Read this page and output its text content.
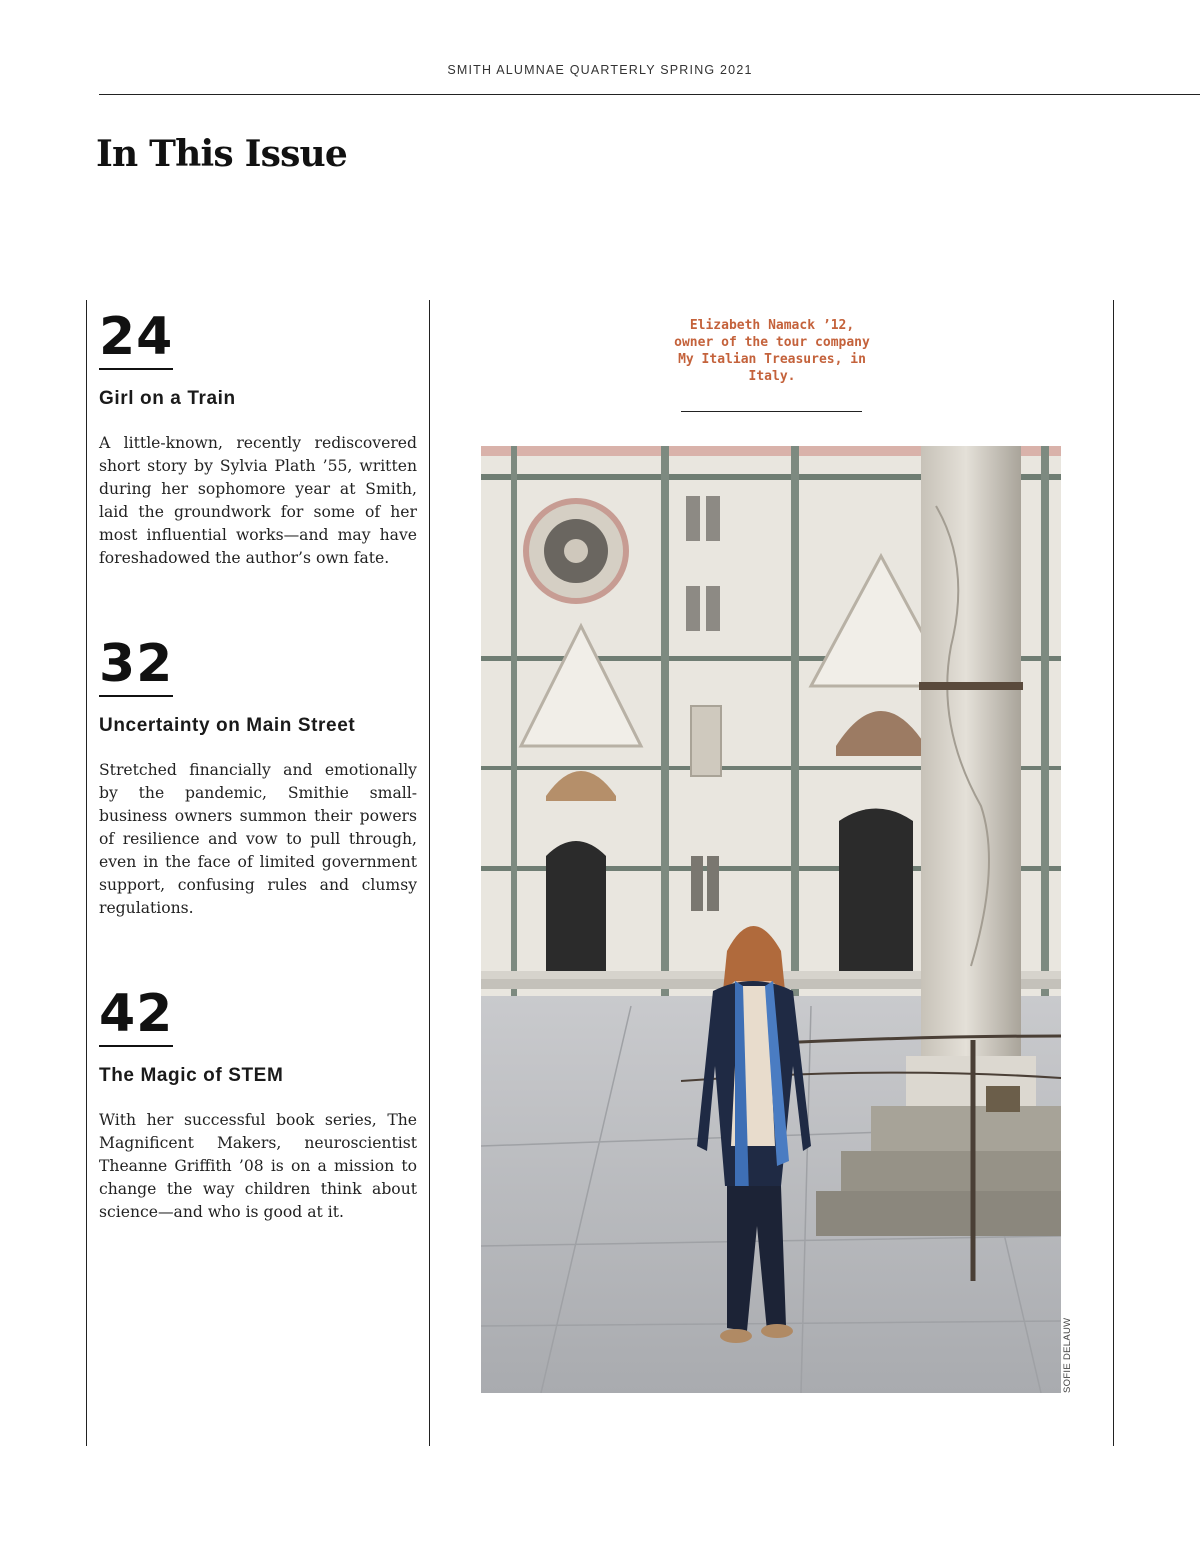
SMITH ALUMNAE QUARTERLY SPRING 2021
In This Issue
24
Girl on a Train

A little-known, recently rediscovered short story by Sylvia Plath ’55, written during her sophomore year at Smith, laid the groundwork for some of her most influential works—and may have foreshadowed the author’s own fate.

32
Uncertainty on Main Street

Stretched financially and emotionally by the pandemic, Smithie small-business owners summon their powers of resilience and vow to pull through, even in the face of limited government support, confusing rules and clumsy regulations.

42
The Magic of STEM

With her successful book series, The Magnificent Makers, neuroscientist Theanne Griffith ’08 is on a mission to change the way children think about science—and who is good at it.

Elizabeth Namack ’12, owner of the tour company My Italian Treasures, in Italy.

SOFIE DELAUW
